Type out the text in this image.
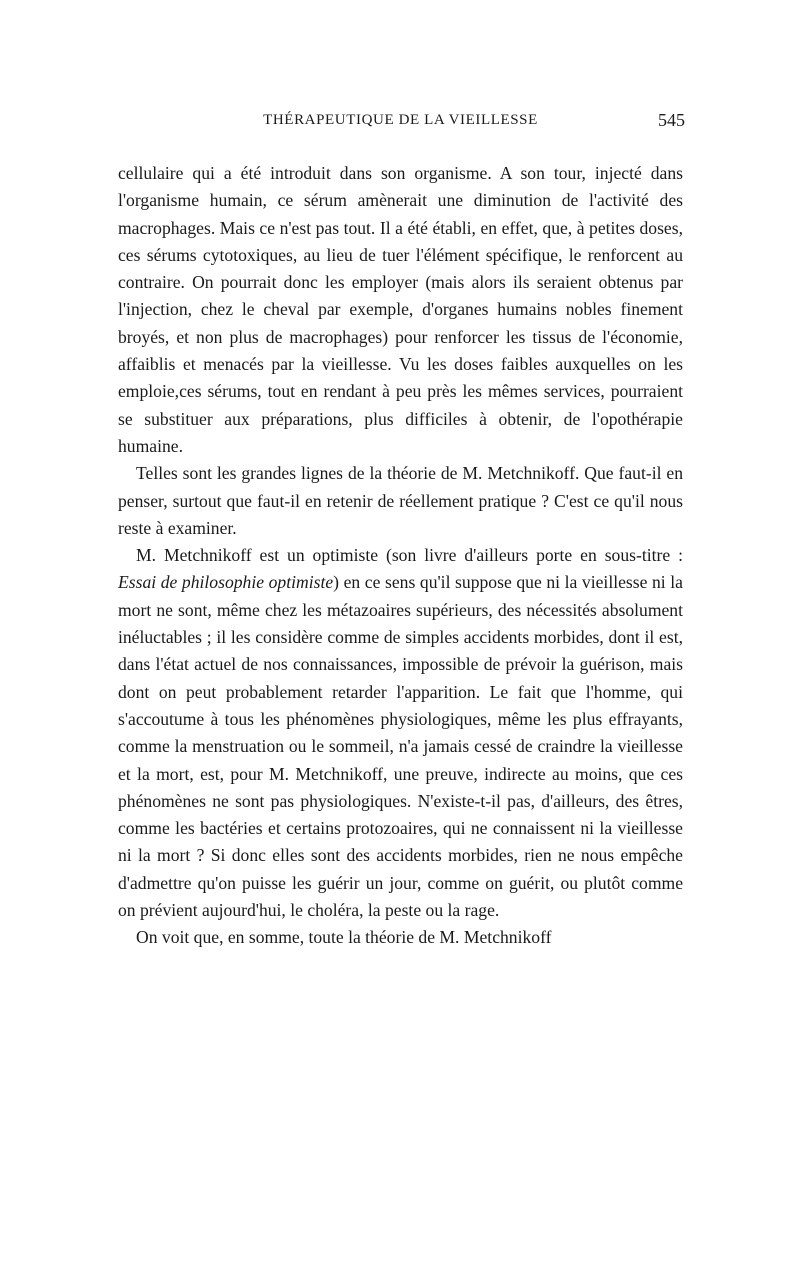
THÉRAPEUTIQUE DE LA VIEILLESSE	545

cellulaire qui a été introduit dans son organisme. A son tour, injecté dans l'organisme humain, ce sérum amènerait une diminution de l'activité des macrophages. Mais ce n'est pas tout. Il a été établi, en effet, que, à petites doses, ces sérums cytotoxiques, au lieu de tuer l'élément spécifique, le renforcent au contraire. On pourrait donc les employer (mais alors ils seraient obtenus par l'injection, chez le cheval par exemple, d'organes humains nobles finement broyés, et non plus de macrophages) pour renforcer les tissus de l'économie, affaiblis et menacés par la vieillesse. Vu les doses faibles auxquelles on les emploie,ces sérums, tout en rendant à peu près les mêmes services, pourraient se substituer aux préparations, plus difficiles à obtenir, de l'opothérapie humaine.

Telles sont les grandes lignes de la théorie de M. Metchnikoff. Que faut-il en penser, surtout que faut-il en retenir de réellement pratique ? C'est ce qu'il nous reste à examiner.

M. Metchnikoff est un optimiste (son livre d'ailleurs porte en sous-titre : Essai de philosophie optimiste) en ce sens qu'il suppose que ni la vieillesse ni la mort ne sont, même chez les métazoaires supérieurs, des nécessités absolument inéluctables ; il les considère comme de simples accidents morbides, dont il est, dans l'état actuel de nos connaissances, impossible de prévoir la guérison, mais dont on peut probablement retarder l'apparition. Le fait que l'homme, qui s'accoutume à tous les phénomènes physiologiques, même les plus effrayants, comme la menstruation ou le sommeil, n'a jamais cessé de craindre la vieillesse et la mort, est, pour M. Metchnikoff, une preuve, indirecte au moins, que ces phénomènes ne sont pas physiologiques. N'existe-t-il pas, d'ailleurs, des êtres, comme les bactéries et certains protozoaires, qui ne connaissent ni la vieillesse ni la mort ? Si donc elles sont des accidents morbides, rien ne nous empêche d'admettre qu'on puisse les guérir un jour, comme on guérit, ou plutôt comme on prévient aujourd'hui, le choléra, la peste ou la rage.

On voit que, en somme, toute la théorie de M. Metchnikoff
